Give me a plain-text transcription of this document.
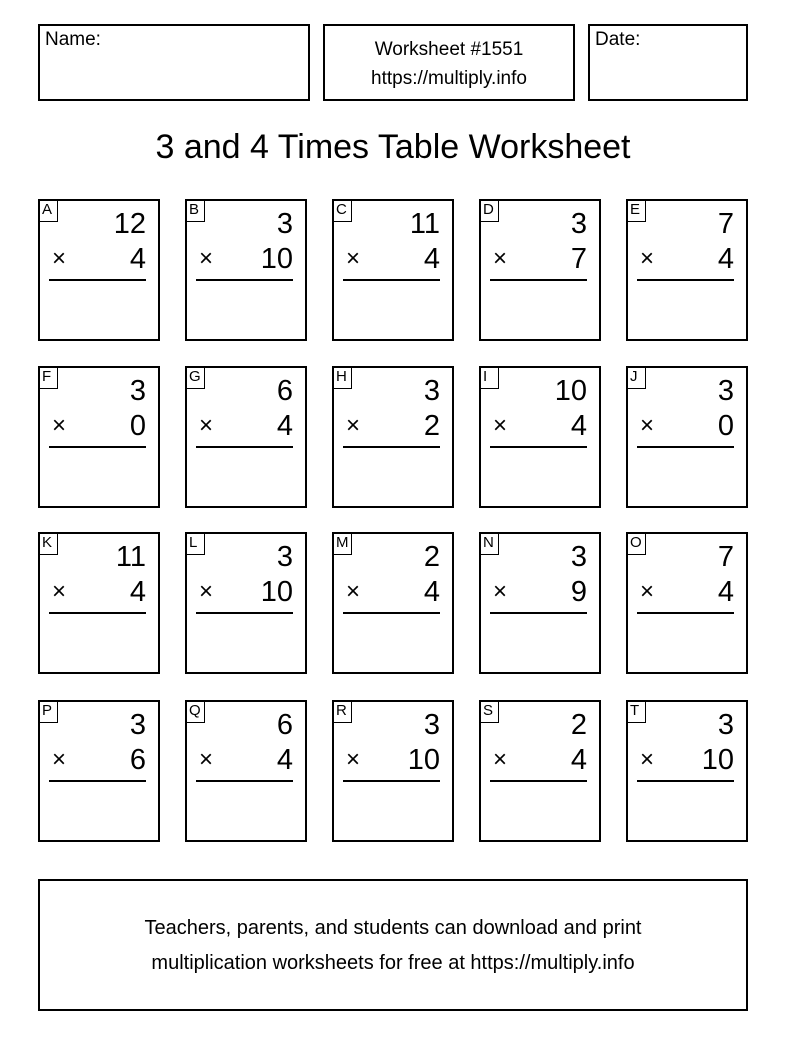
Name:	Worksheet #1551
https://multiply.info
Date:
3 and 4 Times Table Worksheet
A 12
× 4
B	3
× 10
C 11
× 4
D	3
× 7
E	7
× 4
F	3
× 0
G	6
× 4
H	3
× 2
I	10
× 4
J	3
× 0
K 11
× 4
L	3
× 10
M	2
× 4
N	3
× 9
O	7
× 4
P	3
× 6
Q	6
× 4
R	3
× 10
S	2
× 4
T	3
× 10
Teachers, parents, and students can download and print
multiplication worksheets for free at https://multiply.info
